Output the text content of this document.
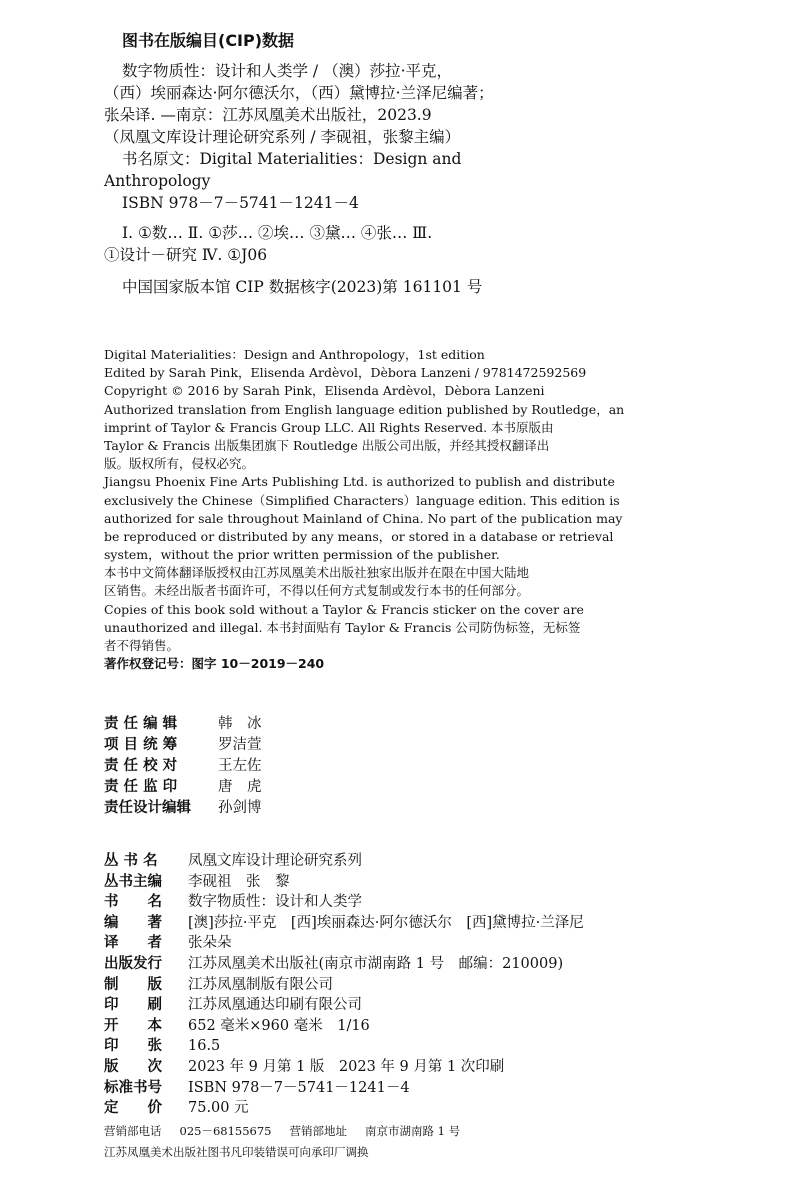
图书在版编目(CIP)数据
数字物质性：设计和人类学 / （澳）莎拉·平克，
（西）埃丽森达·阿尔德沃尔，（西）黛博拉·兰泽尼编著；
张朵译. —南京：江苏凤凰美术出版社，2023.9
（凤凰文库设计理论研究系列 / 李砚祖，张黎主编）
书名原文：Digital Materialities：Design and
Anthropology
ISBN 978－7－5741－1241－4
Ⅰ. ①数… Ⅱ. ①莎… ②埃… ③黛… ④张… Ⅲ.
①设计－研究 Ⅳ. ①J06
中国国家版本馆 CIP 数据核字(2023)第 161101 号
Digital Materialities：Design and Anthropology，1st edition
Edited by Sarah Pink，Elisenda Ardèvol，Dèbora Lanzeni / 9781472592569
Copyright © 2016 by Sarah Pink，Elisenda Ardèvol，Dèbora Lanzeni
Authorized translation from English language edition published by Routledge，an
imprint of Taylor & Francis Group LLC. All Rights Reserved. 本书原版由
Taylor & Francis 出版集团旗下 Routledge 出版公司出版，并经其授权翻译出
版。版权所有，侵权必究。
Jiangsu Phoenix Fine Arts Publishing Ltd. is authorized to publish and distribute
exclusively the Chinese（Simplified Characters）language edition. This edition is
authorized for sale throughout Mainland of China. No part of the publication may
be reproduced or distributed by any means，or stored in a database or retrieval
system，without the prior written permission of the publisher.
本书中文简体翻译版授权由江苏凤凰美术出版社独家出版并在限在中国大陆地
区销售。未经出版者书面许可，不得以任何方式复制或发行本书的任何部分。
Copies of this book sold without a Taylor & Francis sticker on the cover are
unauthorized and illegal. 本书封面贴有 Taylor & Francis 公司防伪标签，无标签
者不得销售。
著作权登记号：图字 10－2019－240
责 任 编 辑	韩　冰
项 目 统 筹	罗洁萱
责 任 校 对	王左佐
责 任 监 印	唐　虎
责任设计编辑	孙剑博
丛 书 名	凤凰文库设计理论研究系列
丛书主编	李砚祖　张　黎
书　　名	数字物质性：设计和人类学
编　　著	[澳]莎拉·平克　[西]埃丽森达·阿尔德沃尔　[西]黛博拉·兰泽尼
译　　者	张朵朵
出版发行	江苏凤凰美术出版社(南京市湖南路 1 号　邮编：210009)
制　　版	江苏凤凰制版有限公司
印　　刷	江苏凤凰通达印刷有限公司
开　　本	652 毫米×960 毫米　1/16
印　　张	16.5
版　　次	2023 年 9 月第 1 版　2023 年 9 月第 1 次印刷
标准书号	ISBN 978－7－5741－1241－4
定　　价	75.00 元
营销部电话 025－68155675 营销部地址 南京市湖南路 1 号
江苏凤凰美术出版社图书凡印装错误可向承印厂调换
